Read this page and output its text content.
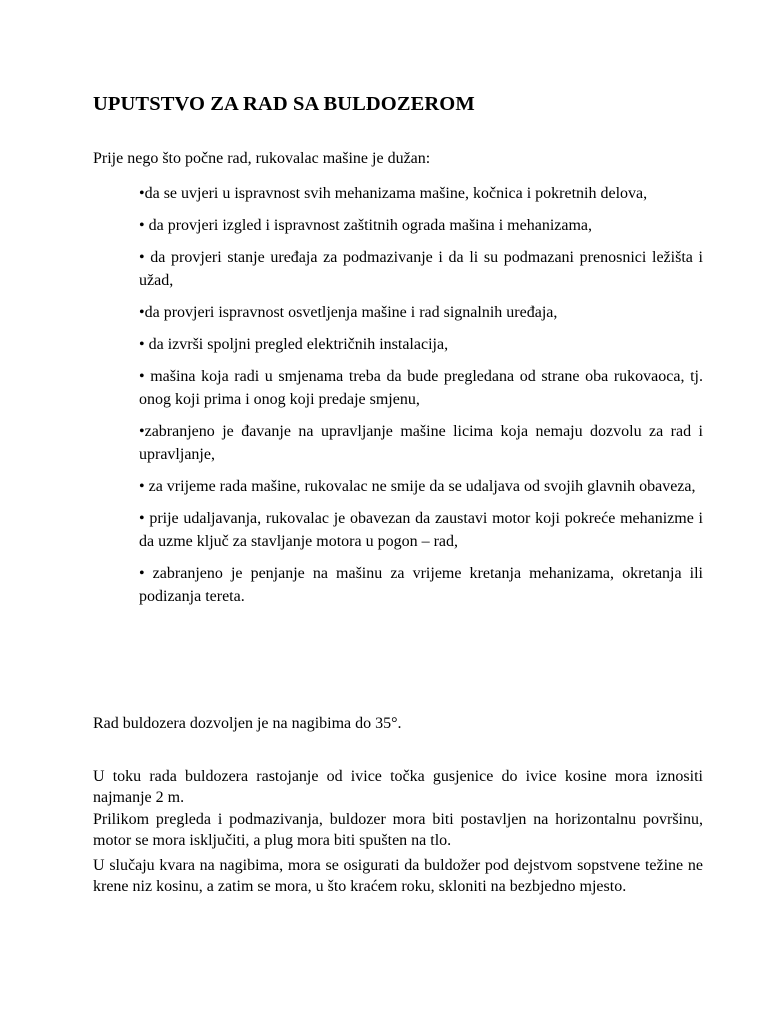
UPUTSTVO ZA RAD SA BULDOZEROM
Prije nego što počne rad, rukovalac mašine je dužan:
•da se uvjeri u ispravnost svih mehanizama mašine, kočnica i pokretnih delova,
• da provjeri izgled i ispravnost zaštitnih ograda mašina i mehanizama,
• da provjeri stanje uređaja za podmazivanje i da li su podmazani prenosnici ležišta i užad,
•da provjeri ispravnost osvetljenja mašine i rad signalnih uređaja,
• da izvrši spoljni pregled električnih instalacija,
• mašina koja radi u smjenama treba da bude pregledana od strane oba rukovaoca, tj. onog koji prima i onog koji predaje smjenu,
•zabranjeno je đavanje na upravljanje mašine licima koja nemaju dozvolu za rad i upravljanje,
• za vrijeme rada mašine, rukovalac ne smije da se udaljava od svojih glavnih obaveza,
• prije udaljavanja, rukovalac je obavezan da zaustavi motor koji pokreće mehanizme i da uzme ključ za stavljanje motora u pogon – rad,
• zabranjeno je penjanje na mašinu za vrijeme kretanja mehanizama, okretanja ili podizanja tereta.

Rad buldozera dozvoljen je na nagibima do 35°.

U toku rada buldozera rastojanje od ivice točka gusjenice do ivice kosine mora iznositi najmanje 2 m.

Prilikom pregleda i podmazivanja, buldozer mora biti postavljen na horizontalnu površinu, motor se mora isključiti, a plug mora biti spušten na tlo.

U slučaju kvara na nagibima, mora se osigurati da buldožer pod dejstvom sopstvene težine ne krene niz kosinu, a zatim se mora, u što kraćem roku, skloniti na bezbjedno mjesto.
